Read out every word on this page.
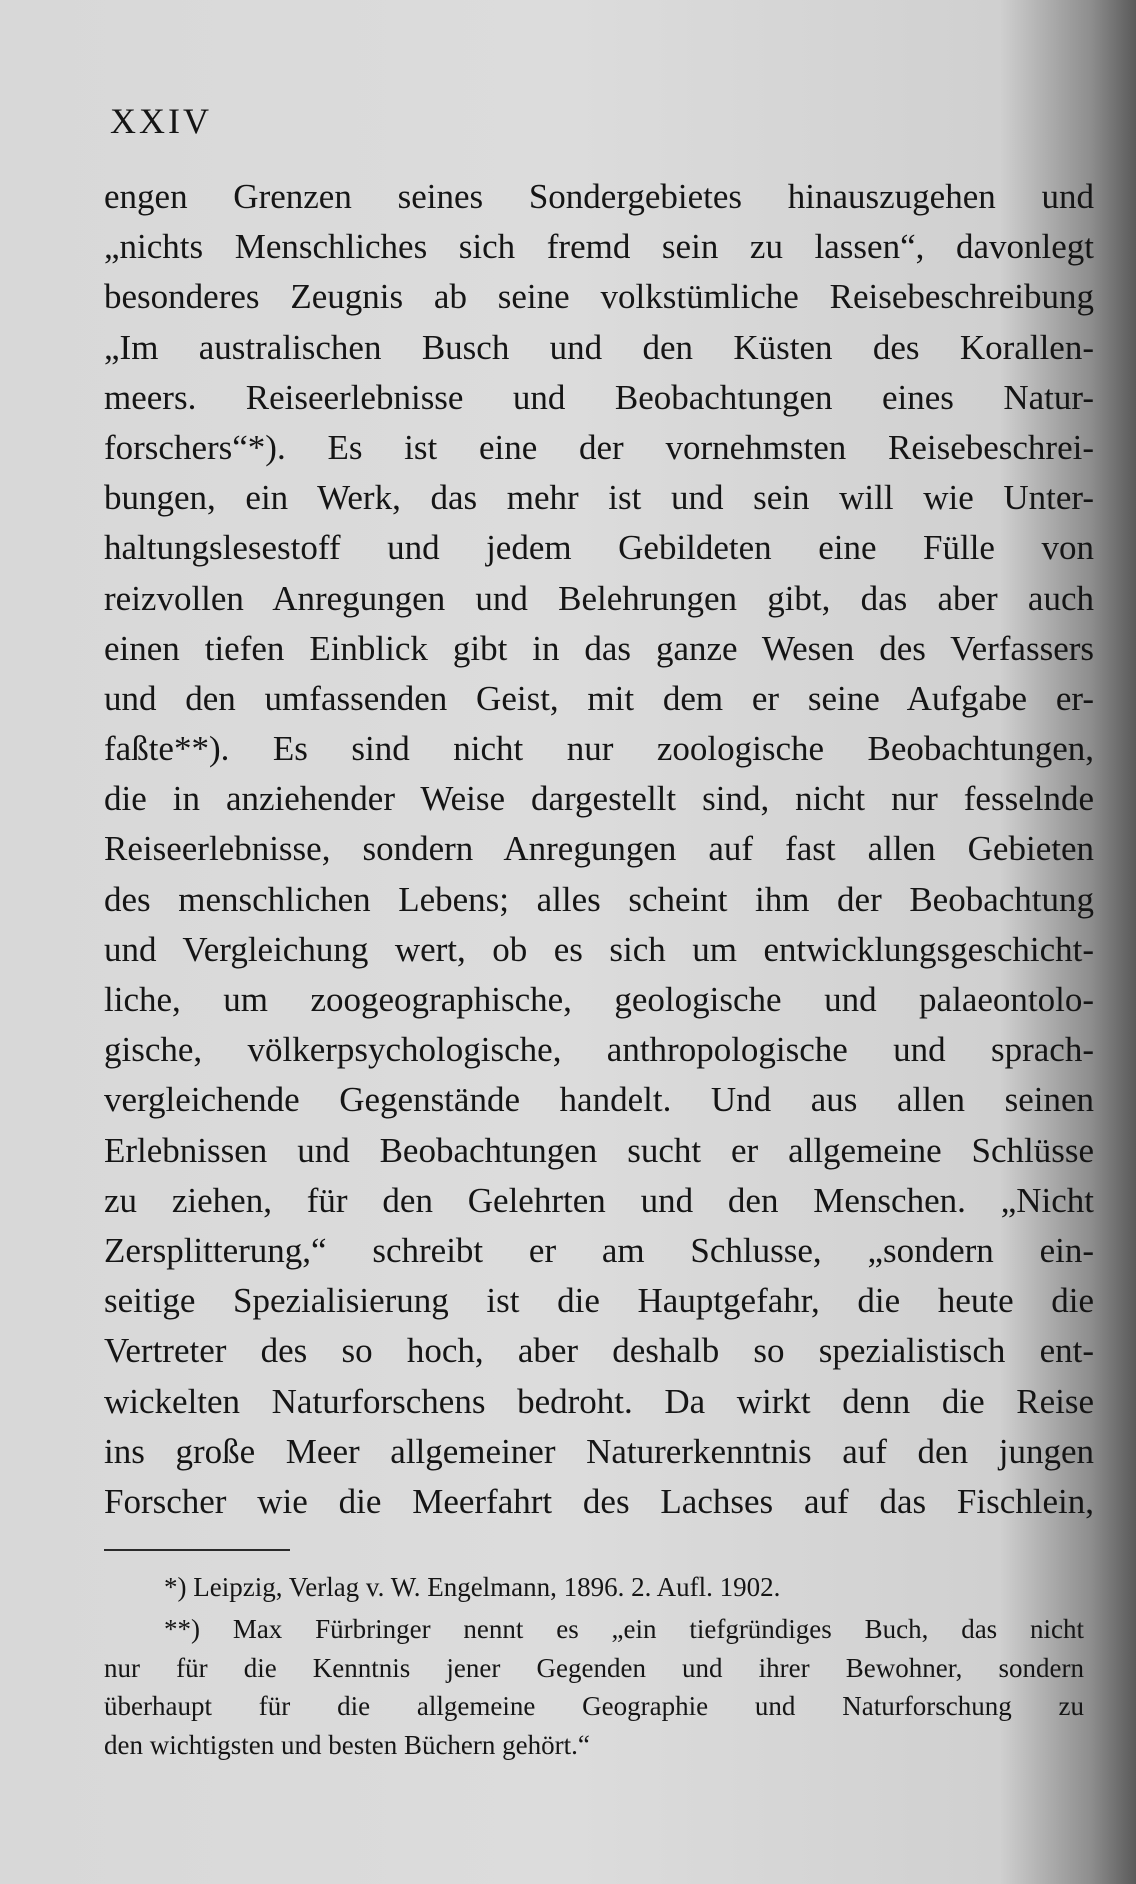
XXIV

engen Grenzen seines Sondergebietes hinauszugehen und
„nichts Menschliches sich fremd sein zu lassen“, davonlegt
besonderes Zeugnis ab seine volkstümliche Reisebeschreibung
„Im australischen Busch und den Küsten des Korallen-
meers. Reiseerlebnisse und Beobachtungen eines Natur-
forschers“*). Es ist eine der vornehmsten Reisebeschrei-
bungen, ein Werk, das mehr ist und sein will wie Unter-
haltungslesestoff und jedem Gebildeten eine Fülle von
reizvollen Anregungen und Belehrungen gibt, das aber auch
einen tiefen Einblick gibt in das ganze Wesen des Verfassers
und den umfassenden Geist, mit dem er seine Aufgabe er-
faßte**). Es sind nicht nur zoologische Beobachtungen,
die in anziehender Weise dargestellt sind, nicht nur fesselnde
Reiseerlebnisse, sondern Anregungen auf fast allen Gebieten
des menschlichen Lebens; alles scheint ihm der Beobachtung
und Vergleichung wert, ob es sich um entwicklungsgeschicht-
liche, um zoogeographische, geologische und palaeontolo-
gische, völkerpsychologische, anthropologische und sprach-
vergleichende Gegenstände handelt. Und aus allen seinen
Erlebnissen und Beobachtungen sucht er allgemeine Schlüsse
zu ziehen, für den Gelehrten und den Menschen. „Nicht
Zersplitterung,“ schreibt er am Schlusse, „sondern ein-
seitige Spezialisierung ist die Hauptgefahr, die heute die
Vertreter des so hoch, aber deshalb so spezialistisch ent-
wickelten Naturforschens bedroht. Da wirkt denn die Reise
ins große Meer allgemeiner Naturerkenntnis auf den jungen
Forscher wie die Meerfahrt des Lachses auf das Fischlein,
*) Leipzig, Verlag v. W. Engelmann, 1896. 2. Aufl. 1902.
**) Max Fürbringer nennt es „ein tiefgründiges Buch, das nicht
nur für die Kenntnis jener Gegenden und ihrer Bewohner, sondern
überhaupt für die allgemeine Geographie und Naturforschung zu
den wichtigsten und besten Büchern gehört.“
